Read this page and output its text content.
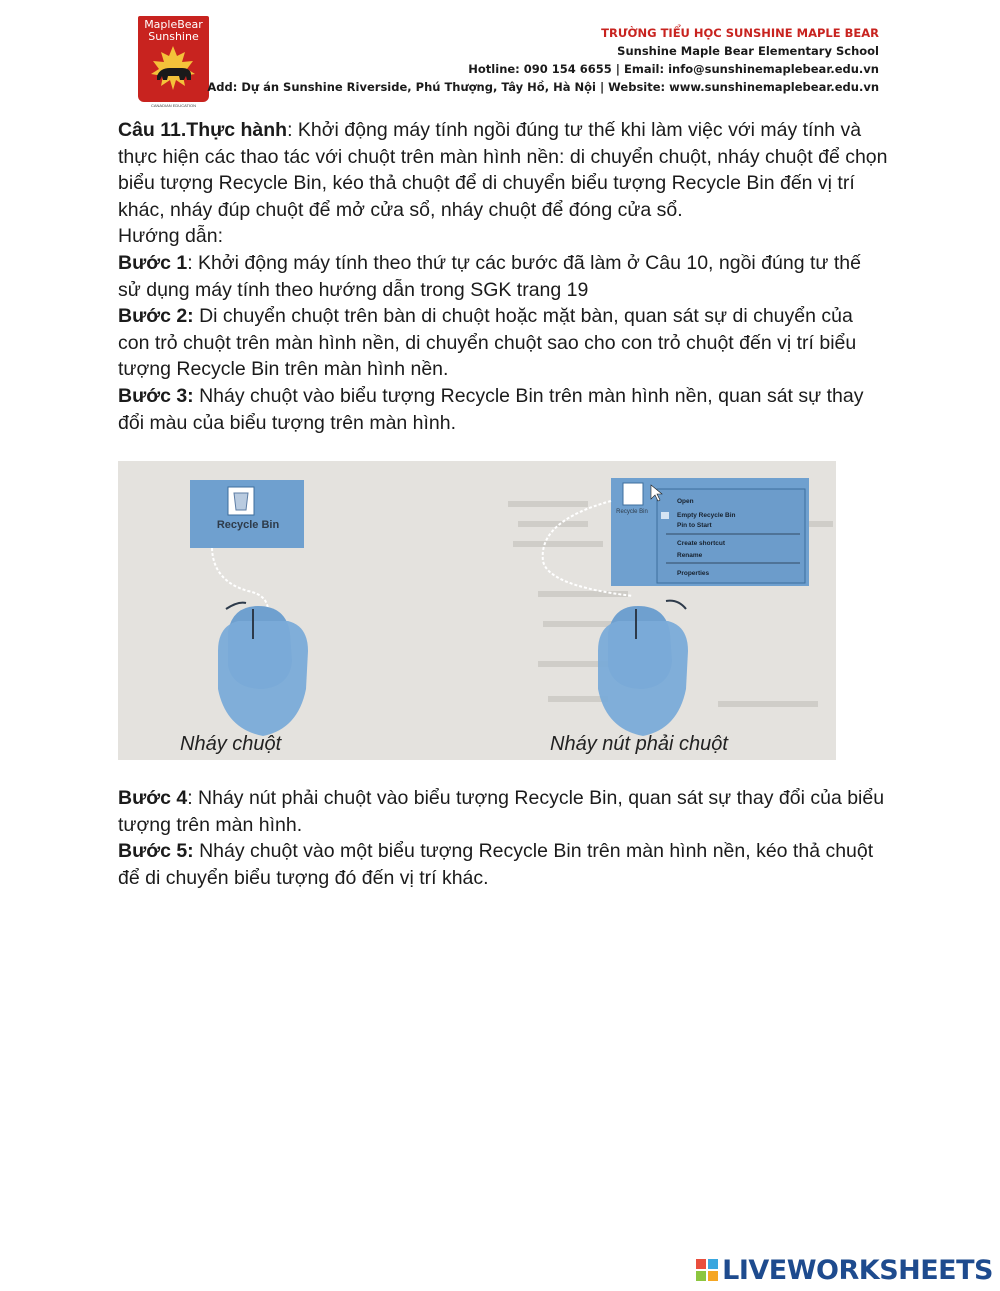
MapleBear
Sunshine
CANADIAN EDUCATION
TRƯỜNG TIỂU HỌC SUNSHINE MAPLE BEAR
Sunshine Maple Bear Elementary School
Hotline: 090 154 6655 | Email: info@sunshinemaplebear.edu.vn
Add: Dự án Sunshine Riverside, Phú Thượng, Tây Hồ, Hà Nội | Website: www.sunshinemaplebear.edu.vn

Câu 11.Thực hành: Khởi động máy tính ngồi đúng tư thế khi làm việc với máy tính và thực hiện các thao tác với chuột trên màn hình nền: di chuyển chuột, nháy chuột để chọn biểu tượng Recycle Bin, kéo thả chuột để di chuyển biểu tượng Recycle Bin đến vị trí khác, nháy đúp chuột để mở cửa sổ, nháy chuột để đóng cửa sổ.

Hướng dẫn:

Bước 1: Khởi động máy tính theo thứ tự các bước đã làm ở Câu 10, ngồi đúng tư thế sử dụng máy tính theo hướng dẫn trong SGK trang 19

Bước 2: Di chuyển chuột trên bàn di chuột hoặc mặt bàn, quan sát sự di chuyển của con trỏ chuột trên màn hình nền, di chuyển chuột sao cho con trỏ chuột đến vị trí biểu tượng Recycle Bin trên màn hình nền.

Bước 3: Nháy chuột vào biểu tượng Recycle Bin trên màn hình nền, quan sát sự thay đổi màu của biểu tượng trên màn hình.

Recycle Bin
Recycle Bin
Open
Empty Recycle Bin
Pin to Start
Create shortcut
Rename
Properties
Nháy chuột	Nháy nút phải chuột

Bước 4: Nháy nút phải chuột vào biểu tượng Recycle Bin, quan sát sự thay đổi của biểu tượng trên màn hình.

Bước 5: Nháy chuột vào một biểu tượng Recycle Bin trên màn hình nền, kéo thả chuột để di chuyển biểu tượng đó đến vị trí khác.

LIVEWORKSHEETS
